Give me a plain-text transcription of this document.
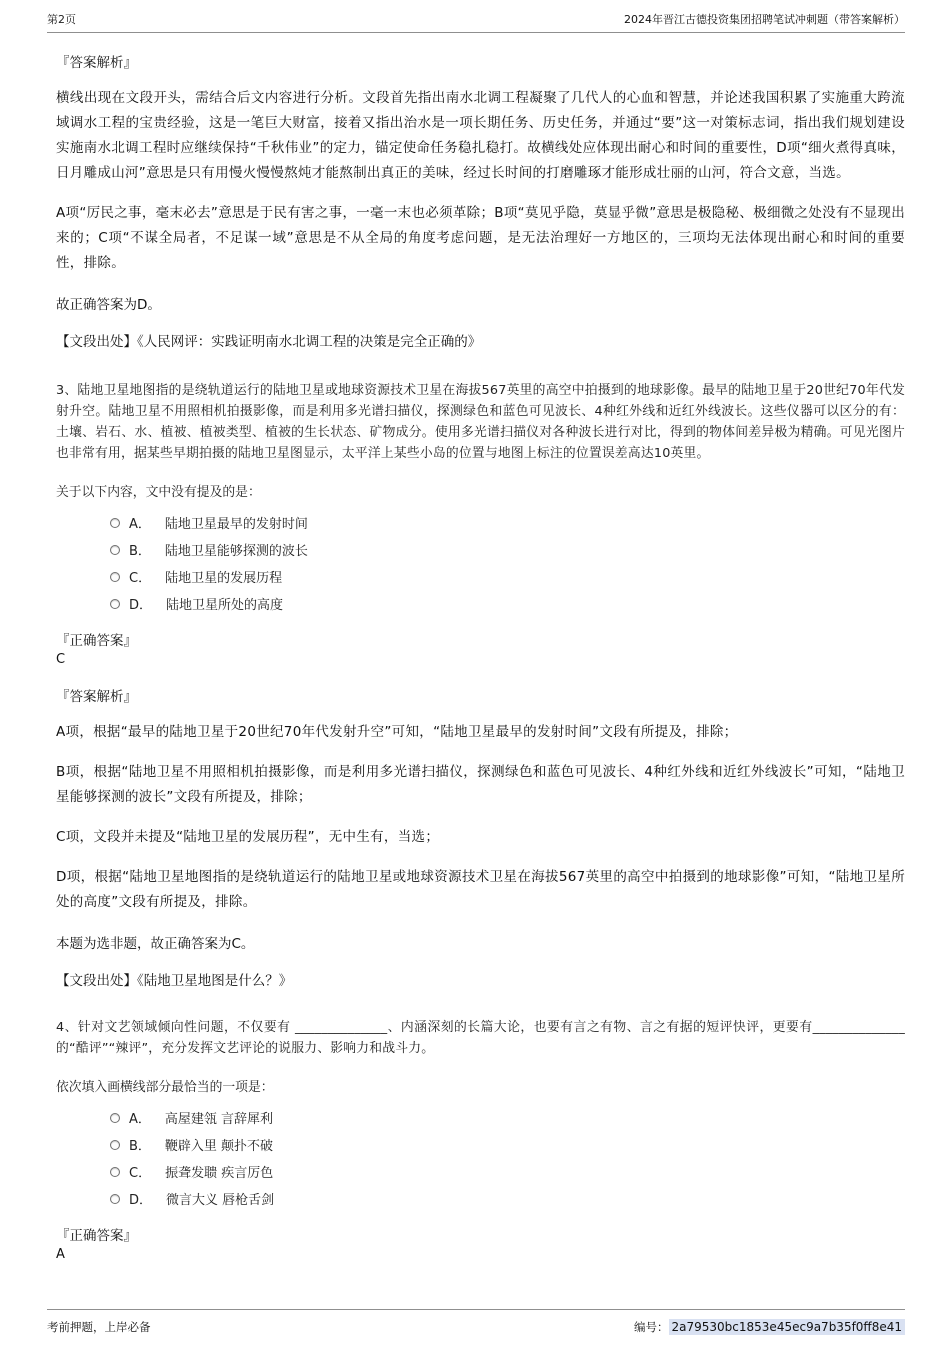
第2页	2024年晋江古德投资集团招聘笔试冲刺题（带答案解析）

『答案解析』

横线出现在文段开头，需结合后文内容进行分析。文段首先指出南水北调工程凝聚了几代人的心血和智慧，并论述我国积累了实施重大跨流域调水工程的宝贵经验，这是一笔巨大财富，接着又指出治水是一项长期任务、历史任务，并通过“要”这一对策标志词，指出我们规划建设实施南水北调工程时应继续保持“千秋伟业”的定力，锚定使命任务稳扎稳打。故横线处应体现出耐心和时间的重要性，D项“细火煮得真味，日月雕成山河”意思是只有用慢火慢慢熬炖才能熬制出真正的美味，经过长时间的打磨雕琢才能形成壮丽的山河，符合文意，当选。

A项“厉民之事，毫末必去”意思是于民有害之事，一毫一末也必须革除；B项“莫见乎隐，莫显乎微”意思是极隐秘、极细微之处没有不显现出来的；C项“不谋全局者，不足谋一域”意思是不从全局的角度考虑问题，是无法治理好一方地区的，三项均无法体现出耐心和时间的重要性，排除。

故正确答案为D。

【文段出处】《人民网评：实践证明南水北调工程的决策是完全正确的》

3、陆地卫星地图指的是绕轨道运行的陆地卫星或地球资源技术卫星在海拔567英里的高空中拍摄到的地球影像。最早的陆地卫星于20世纪70年代发射升空。陆地卫星不用照相机拍摄影像，而是利用多光谱扫描仪，探测绿色和蓝色可见波长、4种红外线和近红外线波长。这些仪器可以区分的有：土壤、岩石、水、植被、植被类型、植被的生长状态、矿物成分。使用多光谱扫描仪对各种波长进行对比，得到的物体间差异极为精确。可见光图片也非常有用，据某些早期拍摄的陆地卫星图显示，太平洋上某些小岛的位置与地图上标注的位置误差高达10英里。

关于以下内容，文中没有提及的是：

A． 陆地卫星最早的发射时间
B． 陆地卫星能够探测的波长
C． 陆地卫星的发展历程
D． 陆地卫星所处的高度

『正确答案』

C

『答案解析』

A项，根据“最早的陆地卫星于20世纪70年代发射升空”可知，“陆地卫星最早的发射时间”文段有所提及，排除；

B项，根据“陆地卫星不用照相机拍摄影像，而是利用多光谱扫描仪，探测绿色和蓝色可见波长、4种红外线和近红外线波长”可知，“陆地卫星能够探测的波长”文段有所提及，排除；

C项，文段并未提及“陆地卫星的发展历程”，无中生有，当选；

D项，根据“陆地卫星地图指的是绕轨道运行的陆地卫星或地球资源技术卫星在海拔567英里的高空中拍摄到的地球影像”可知，“陆地卫星所处的高度”文段有所提及，排除。

本题为选非题，故正确答案为C。

【文段出处】《陆地卫星地图是什么？》

4、针对文艺领域倾向性问题，不仅要有 ______________、内涵深刻的长篇大论，也要有言之有物、言之有据的短评快评，更要有______________的“酷评”“辣评”，充分发挥文艺评论的说服力、影响力和战斗力。

依次填入画横线部分最恰当的一项是：

A． 高屋建瓴 言辞犀利
B． 鞭辟入里 颠扑不破
C． 振聋发聩 疾言厉色
D． 微言大义 唇枪舌剑

『正确答案』

A

考前押题，上岸必备	编号： 2a79530bc1853e45ec9a7b35f0ff8e41
